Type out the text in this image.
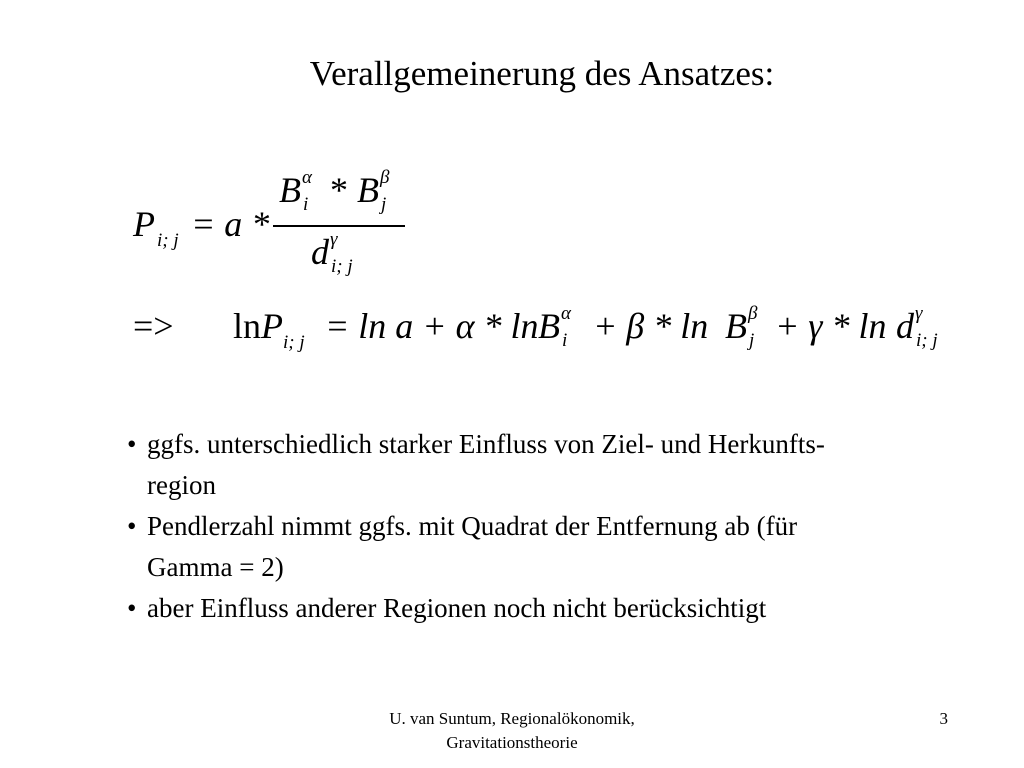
Verallgemeinerung des Ansatzes:
P $_{i; j}$ = a *
B α
i * B β
j
d γ
i; j
=> lnP$_{i; j}$ = ln a + α * ln B α
i + β * ln B β
j + γ * ln d γ
i; j
• ggfs. unterschiedlich starker Einfluss von Ziel- und Herkunfts-
region
• Pendlerzahl nimmt ggfs. mit Quadrat der Entfernung ab (für
Gamma = 2)
• aber Einfluss anderer Regionen noch nicht berücksichtigt
U. van Suntum, Regionalökonomik,
Gravitationstheorie
3
